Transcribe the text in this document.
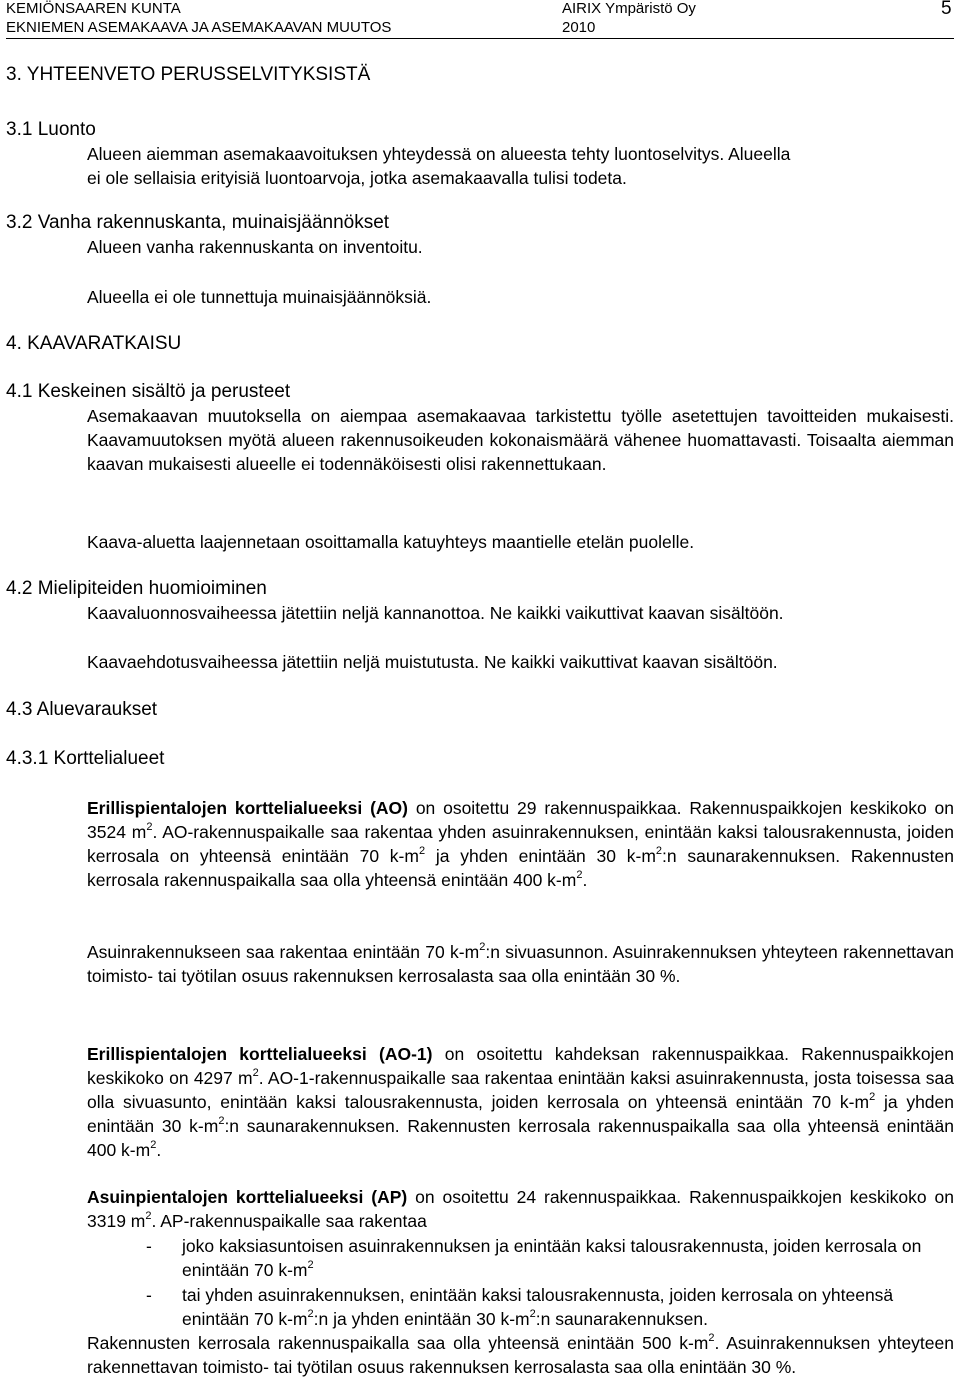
KEMIÖNSAAREN KUNTA
EKNIEMEN ASEMAKAAVA JA ASEMAKAAVAN MUUTOS
AIRIX Ympäristö Oy
2010
5
3. YHTEENVETO PERUSSELVITYKSISTÄ
3.1 Luonto
Alueen aiemman asemakaavoituksen yhteydessä on alueesta tehty luontoselvitys. Alueella
ei ole sellaisia erityisiä luontoarvoja, jotka asemakaavalla tulisi todeta.
3.2 Vanha rakennuskanta, muinaisjäännökset
Alueen vanha rakennuskanta on inventoitu.
Alueella ei ole tunnettuja muinaisjäännöksiä.
4. KAAVARATKAISU
4.1 Keskeinen sisältö ja perusteet
Asemakaavan muutoksella on aiempaa asemakaavaa tarkistettu työlle asetettujen tavoitteiden mukaisesti. Kaavamuutoksen myötä alueen rakennusoikeuden kokonaismäärä vähenee huomattavasti. Toisaalta aiemman kaavan mukaisesti alueelle ei todennäköisesti olisi rakennettukaan.
Kaava-aluetta laajennetaan osoittamalla katuyhteys maantielle etelän puolelle.
4.2 Mielipiteiden huomioiminen
Kaavaluonnosvaiheessa jätettiin neljä kannanottoa. Ne kaikki vaikuttivat kaavan sisältöön.
Kaavaehdotusvaiheessa jätettiin neljä muistutusta. Ne kaikki vaikuttivat kaavan sisältöön.
4.3 Aluevaraukset
4.3.1 Korttelialueet
Erillispientalojen korttelialueeksi (AO) on osoitettu 29 rakennuspaikkaa. Rakennuspaikkojen keskikoko on 3524 $m^2$. AO-rakennuspaikalle saa rakentaa yhden asuinrakennuksen, enintään kaksi talousrakennusta, joiden kerrosala on yhteensä enintään 70 $k-m^2$ ja yhden enintään 30 $k-m^2:n$ saunarakennuksen. Rakennusten kerrosala rakennuspaikalla saa olla yhteensä enintään 400 $k-m^2$.
Asuinrakennukseen saa rakentaa enintään 70 $k-m^2:n$ sivuasunnon. Asuinrakennuksen yhteyteen rakennettavan toimisto- tai työtilan osuus rakennuksen kerrosalasta saa olla enintään 30 %.
Erillispientalojen korttelialueeksi (AO-1) on osoitettu kahdeksan rakennuspaikkaa. Rakennuspaikkojen keskikoko on 4297 $m^2$. AO-1-rakennuspaikalle saa rakentaa enintään kaksi asuinrakennusta, josta toisessa saa olla sivuasunto, enintään kaksi talousrakennusta, joiden kerrosala on yhteensä enintään 70 $k-m^2$ ja yhden enintään 30 $k-m^2:n$ saunarakennuksen. Rakennusten kerrosala rakennuspaikalla saa olla yhteensä enintään 400 $k-m^2$.
Asuinpientalojen korttelialueeksi (AP) on osoitettu 24 rakennuspaikkaa. Rakennuspaikkojen keskikoko on 3319 $m^2$. AP-rakennuspaikalle saa rakentaa
- joko kaksiasuntoisen asuinrakennuksen ja enintään kaksi talousrakennusta, joiden kerrosala on enintään 70 $k-m^2$
- tai yhden asuinrakennuksen, enintään kaksi talousrakennusta, joiden kerrosala on yhteensä enintään 70 $k-m^2:n$ ja yhden enintään 30 $k-m^2:n$ saunarakennuksen.
Rakennusten kerrosala rakennuspaikalla saa olla yhteensä enintään 500 $k-m^2$. Asuinrakennuksen yhteyteen rakennettavan toimisto- tai työtilan osuus rakennuksen kerrosalasta saa olla enintään 30 %.
